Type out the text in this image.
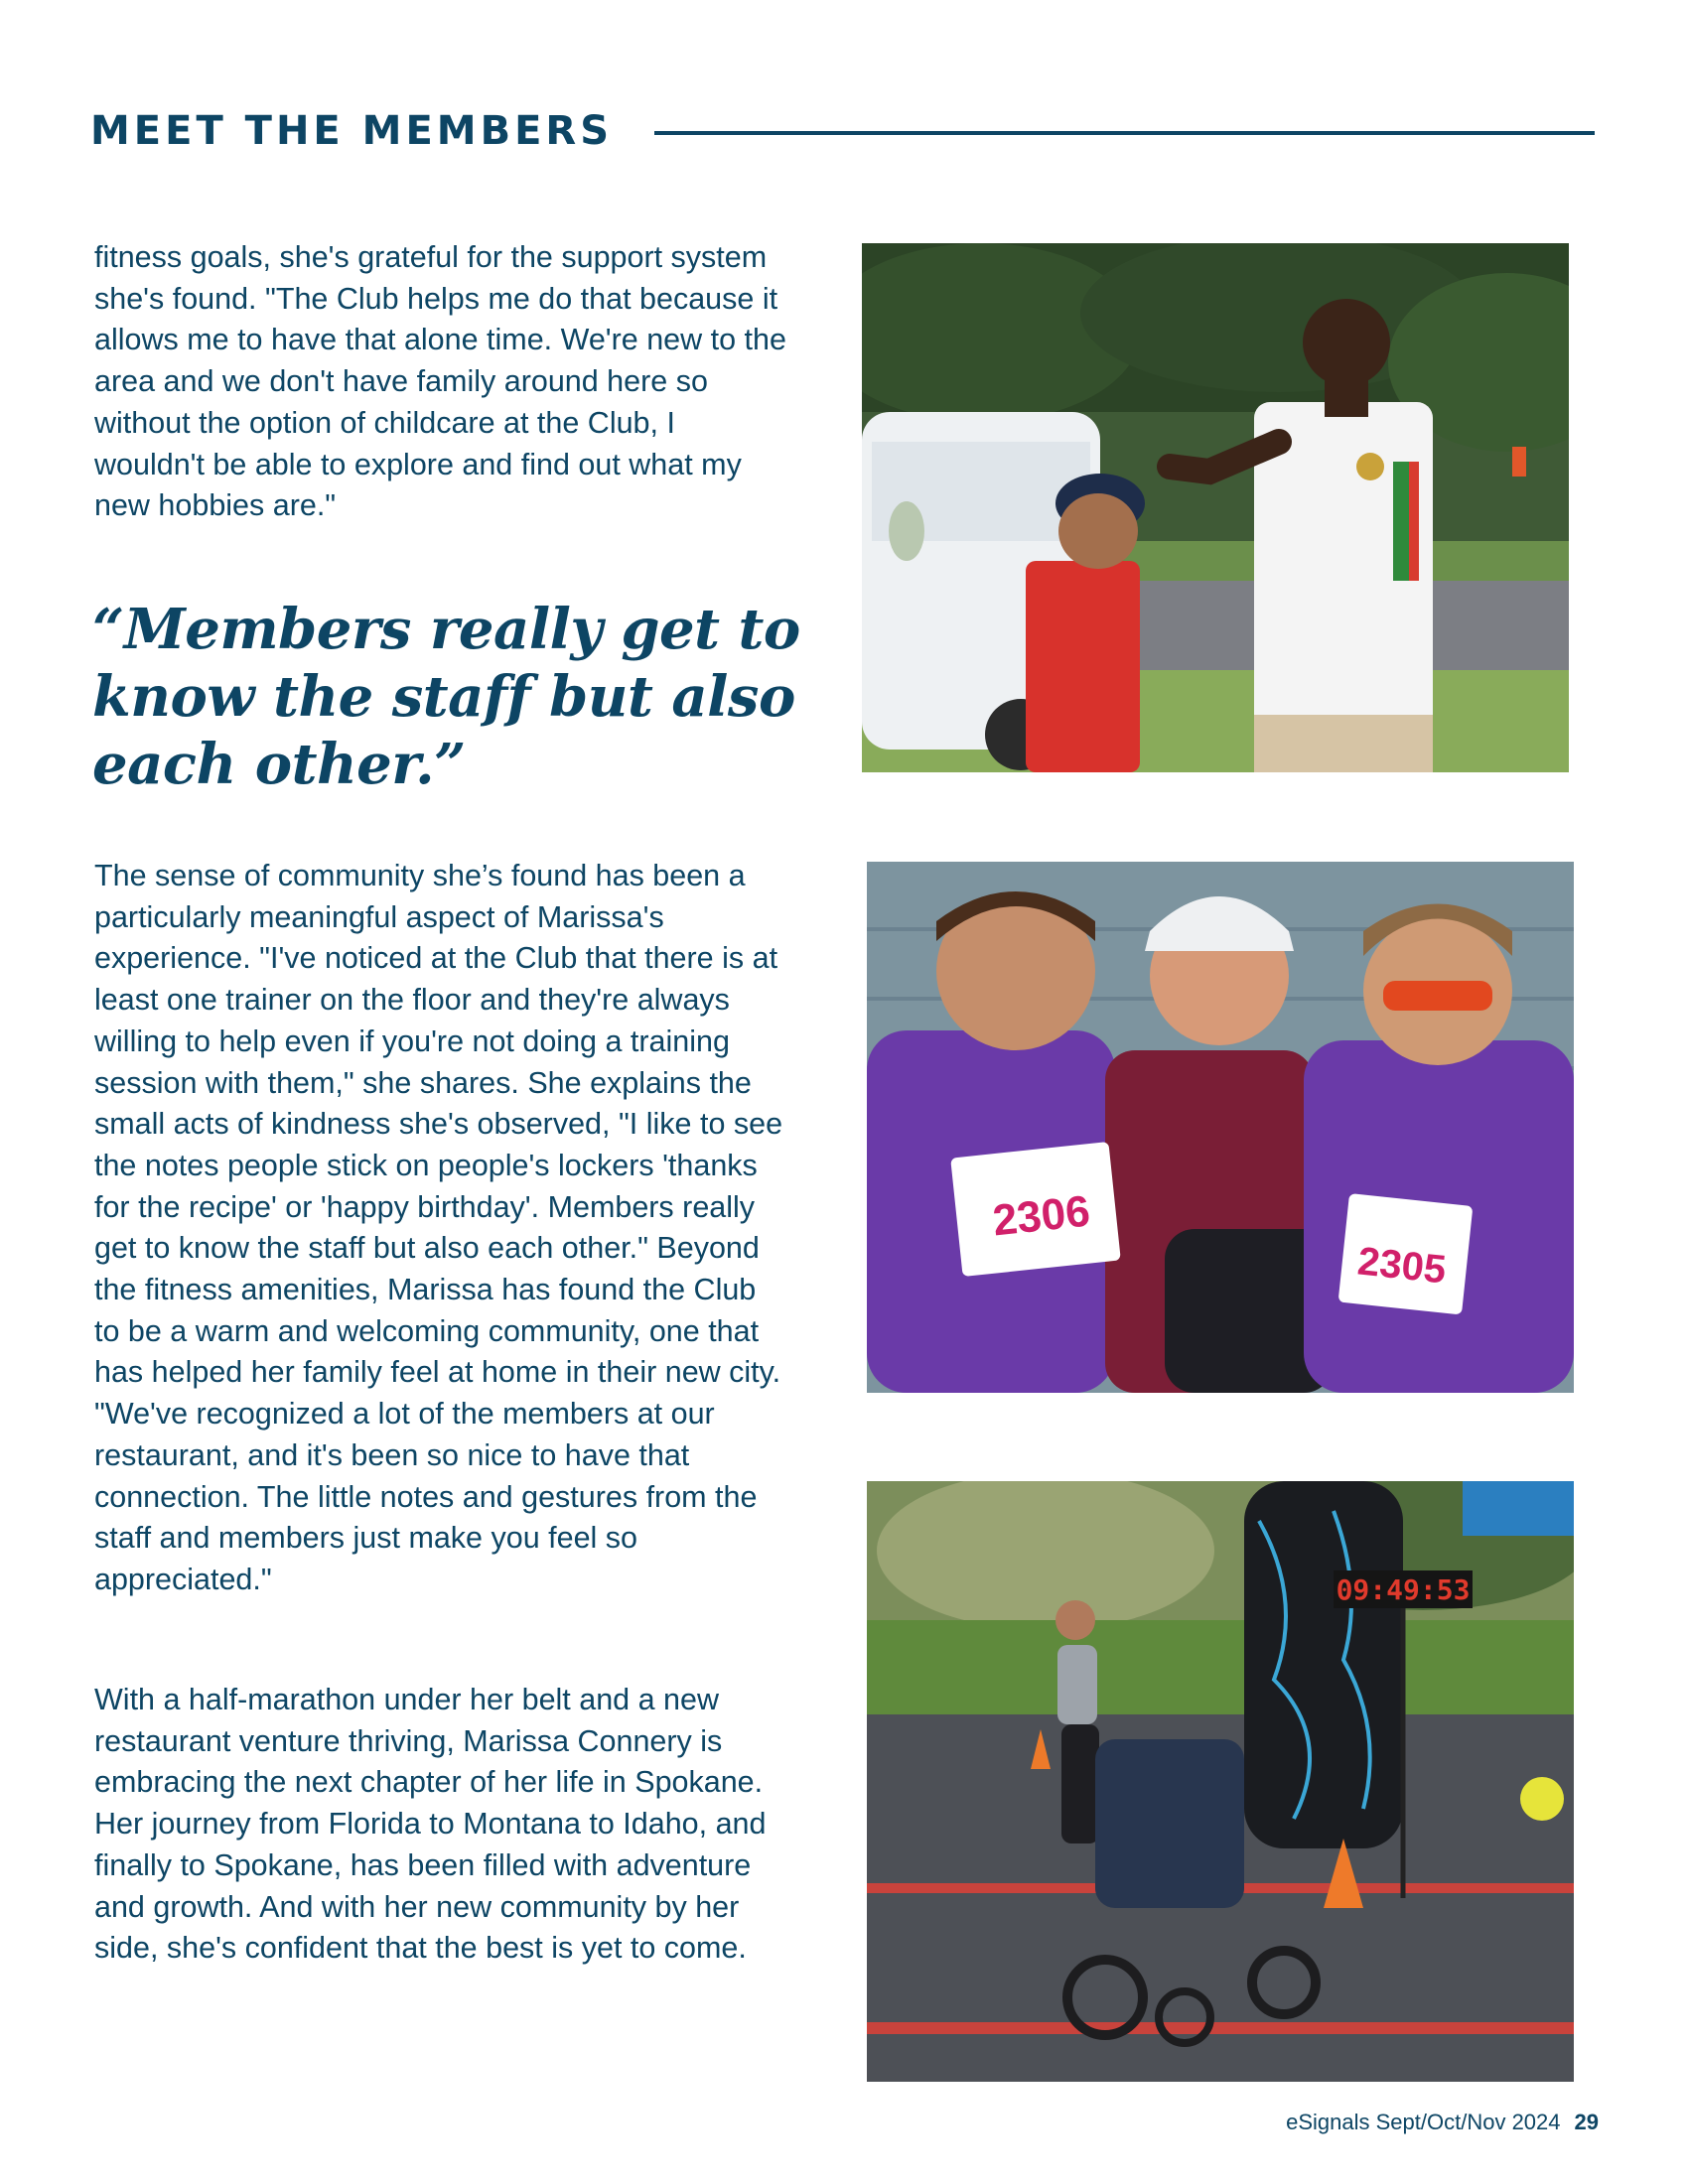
MEET THE MEMBERS

fitness goals, she's grateful for the support system she's found. "The Club helps me do that because it allows me to have that alone time. We're new to the area and we don't have family around here so without the option of childcare at the Club, I wouldn't be able to explore and find out what my new hobbies are."

“Members really get to know the staff but also each other.”

The sense of community she’s found has been a particularly meaningful aspect of Marissa's experience. "I've noticed at the Club that there is at least one trainer on the floor and they're always willing to help even if you're not doing a training session with them," she shares. She explains the small acts of kindness she's observed, "I like to see the notes people stick on people's lockers 'thanks for the recipe' or 'happy birthday'. Members really get to know the staff but also each other." Beyond the fitness amenities, Marissa has found the Club to be a warm and welcoming community, one that has helped her family feel at home in their new city. "We've recognized a lot of the members at our restaurant, and it's been so nice to have that connection. The little notes and gestures from the staff and members just make you feel so appreciated."

With a half-marathon under her belt and a new restaurant venture thriving, Marissa Connery is embracing the next chapter of her life in Spokane. Her journey from Florida to Montana to Idaho, and finally to Spokane, has been filled with adventure and growth. And with her new community by her side, she's confident that the best is yet to come.

2306
2305
09:49:53
eSignals Sept/Oct/Nov 2024 29
